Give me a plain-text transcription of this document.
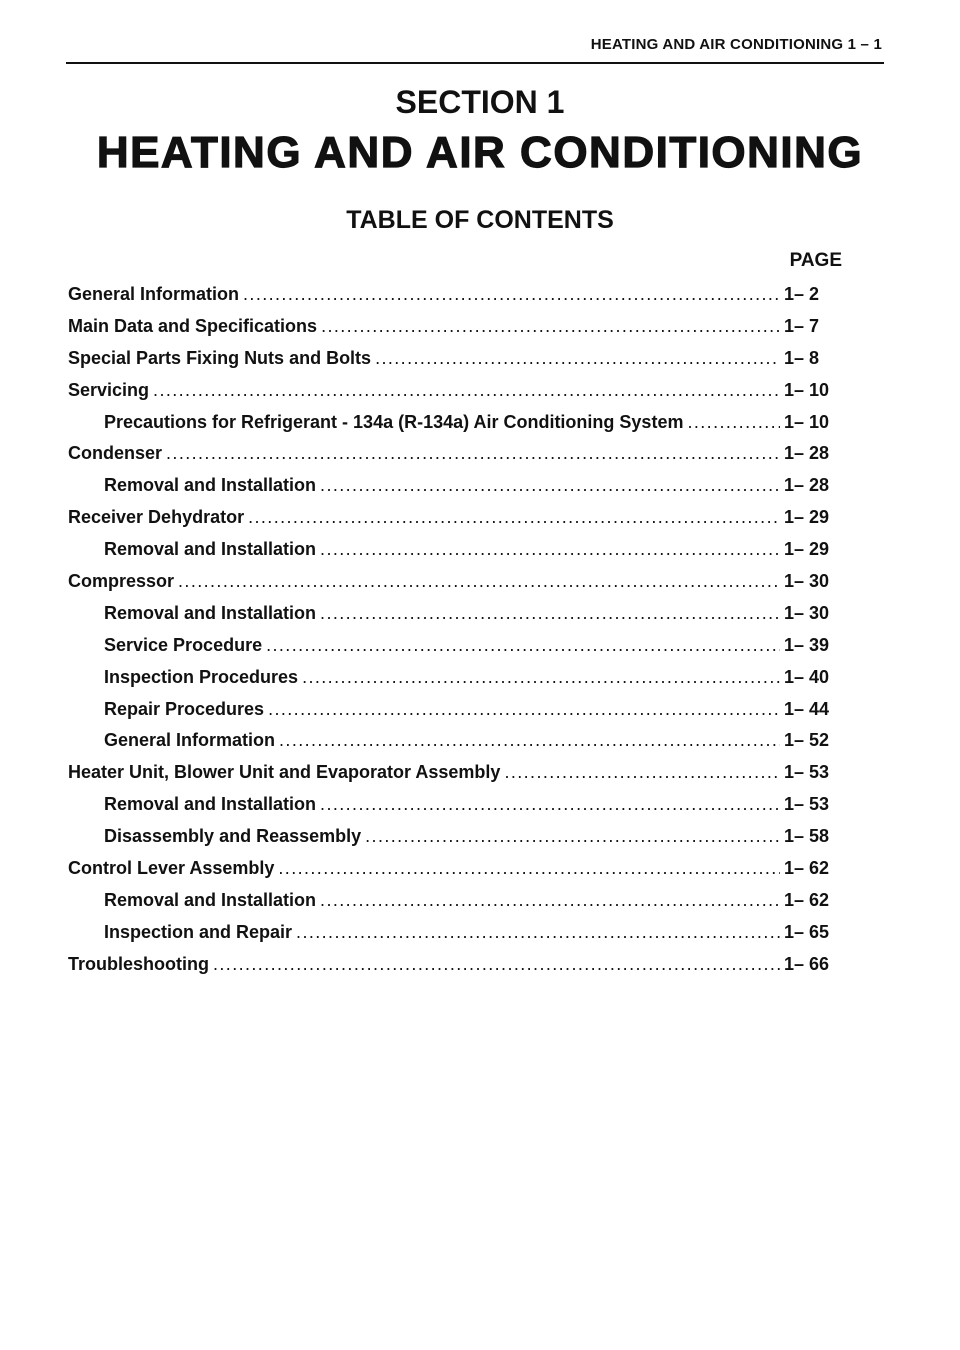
HEATING AND AIR CONDITIONING 1 – 1
SECTION 1
HEATING AND AIR CONDITIONING
TABLE OF CONTENTS
PAGE
General Information .....	1– 2
Main Data and Specifications .....	1– 7
Special Parts Fixing Nuts and Bolts .....	1– 8
Servicing .....	1– 10
Precautions for Refrigerant - 134a (R-134a) Air Conditioning System .....	1– 10
Condenser .....	1– 28
Removal and Installation .....	1– 28
Receiver Dehydrator .....	1– 29
Removal and Installation .....	1– 29
Compressor .....	1– 30
Removal and Installation .....	1– 30
Service Procedure .....	1– 39
Inspection Procedures .....	1– 40
Repair Procedures .....	1– 44
General Information .....	1– 52
Heater Unit, Blower Unit and Evaporator Assembly .....	1– 53
Removal and Installation .....	1– 53
Disassembly and Reassembly .....	1– 58
Control Lever Assembly .....	1– 62
Removal and Installation .....	1– 62
Inspection and Repair .....	1– 65
Troubleshooting .....	1– 66
